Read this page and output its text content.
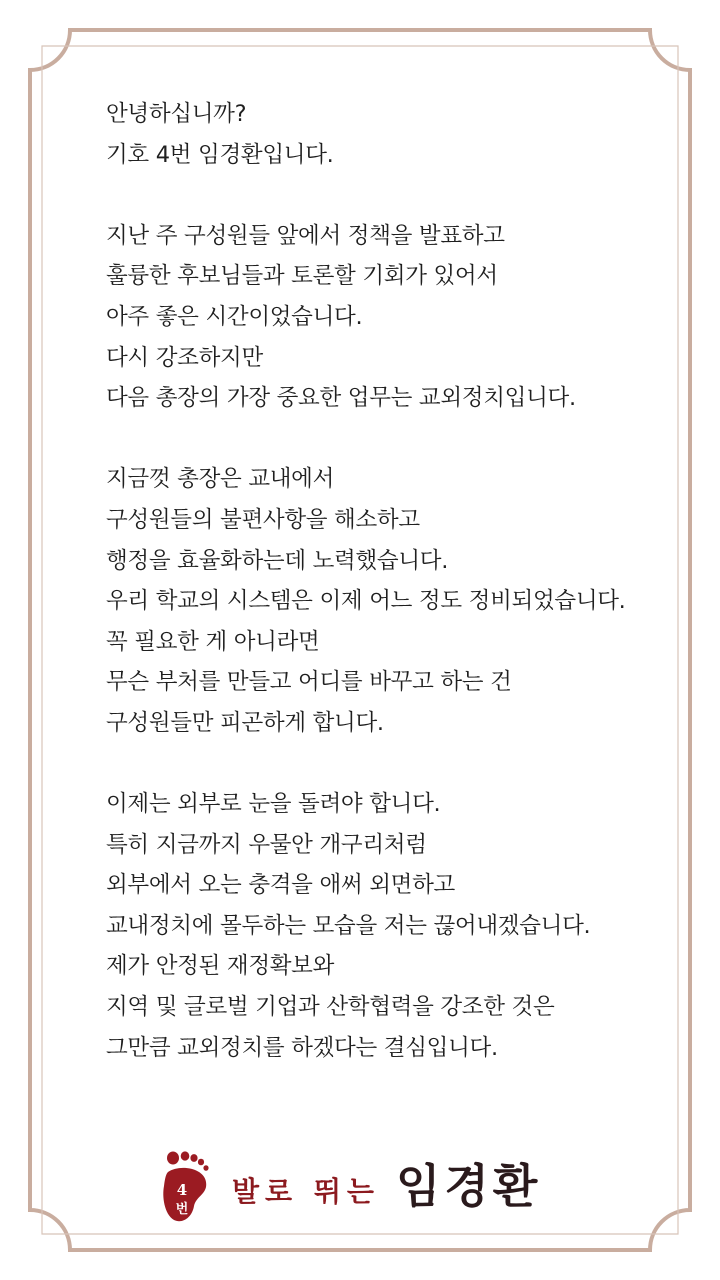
안녕하십니까?
기호 4번 임경환입니다.
지난 주 구성원들 앞에서 정책을 발표하고
훌륭한 후보님들과 토론할 기회가 있어서
아주 좋은 시간이었습니다.
다시 강조하지만
다음 총장의 가장 중요한 업무는 교외정치입니다.
지금껏 총장은 교내에서
구성원들의 불편사항을 해소하고
행정을 효율화하는데 노력했습니다.
우리 학교의 시스템은 이제 어느 정도 정비되었습니다.
꼭 필요한 게 아니라면
무슨 부처를 만들고 어디를 바꾸고 하는 건
구성원들만 피곤하게 합니다.
이제는 외부로 눈을 돌려야 합니다.
특히 지금까지 우물안 개구리처럼
외부에서 오는 충격을 애써 외면하고
교내정치에 몰두하는 모습을 저는 끊어내겠습니다.
제가 안정된 재정확보와
지역 및 글로벌 기업과 산학협력을 강조한 것은
그만큼 교외정치를 하겠다는 결심입니다.
4
번
발로 뛰는 임경환
